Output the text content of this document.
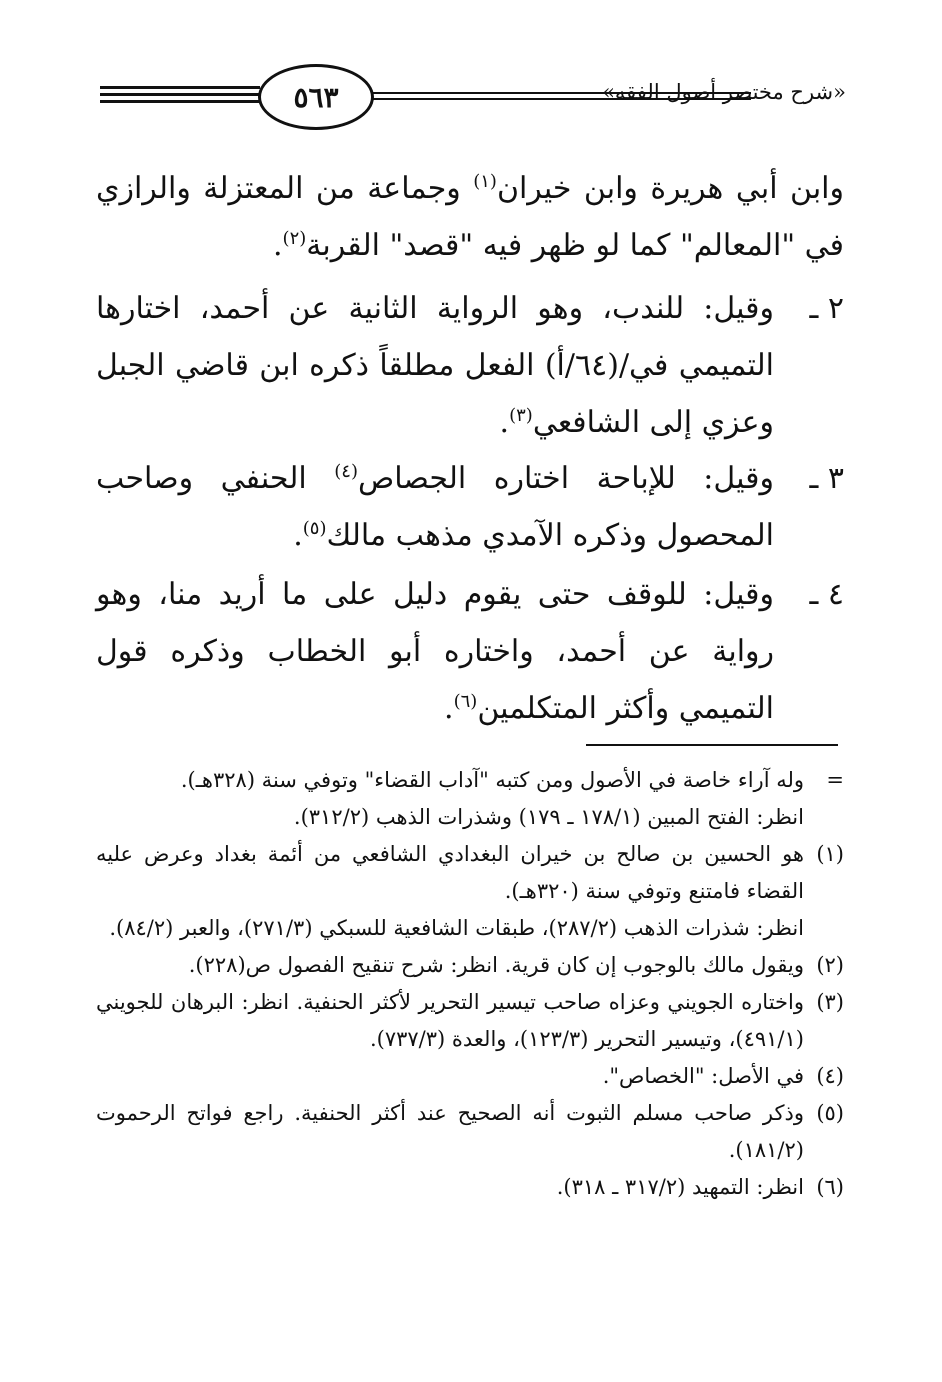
٥٦٣	«شرح مختصر أصول الفقه»

وابن أبي هريرة وابن خيران$^{(١)}$ وجماعة من المعتزلة والرازي في "المعالم" كما لو ظهر فيه "قصد" القربة$^{(٢)}$.

٢ ـ
وقيل: للندب، وهو الرواية الثانية عن أحمد، اختارها التميمي في/(٦٤/أ) الفعل مطلقاً ذكره ابن قاضي الجبل وعزي إلى الشافعي$^{(٣)}$.

٣ ـ
وقيل: للإباحة اختاره الجصاص$^{(٤)}$ الحنفي وصاحب المحصول وذكره الآمدي مذهب مالك$^{(٥)}$.

٤ ـ
وقيل: للوقف حتى يقوم دليل على ما أريد منا، وهو رواية عن أحمد، واختاره أبو الخطاب وذكره قول التميمي وأكثر المتكلمين$^{(٦)}$.

=

وله آراء خاصة في الأصول ومن كتبه "آداب القضاء" وتوفي سنة (٣٢٨هـ).

انظر: الفتح المبين (١٧٨/١ ـ ١٧٩) وشذرات الذهب (٣١٢/٢).

(١)

هو الحسين بن صالح بن خيران البغدادي الشافعي من أئمة بغداد وعرض عليه القضاء فامتنع وتوفي سنة (٣٢٠هـ).

انظر: شذرات الذهب (٢٨٧/٢)، طبقات الشافعية للسبكي (٢٧١/٣)، والعبر (٨٤/٢).

(٢)

ويقول مالك بالوجوب إن كان قرية. انظر: شرح تنقيح الفصول ص(٢٢٨).

(٣)

واختاره الجويني وعزاه صاحب تيسير التحرير لأكثر الحنفية. انظر: البرهان للجويني (٤٩١/١)، وتيسير التحرير (١٢٣/٣)، والعدة (٧٣٧/٣).

(٤)

في الأصل: "الخصاص".

(٥)

وذكر صاحب مسلم الثبوت أنه الصحيح عند أكثر الحنفية. راجع فواتح الرحموت (١٨١/٢).

(٦)

انظر: التمهيد (٣١٧/٢ ـ ٣١٨).
